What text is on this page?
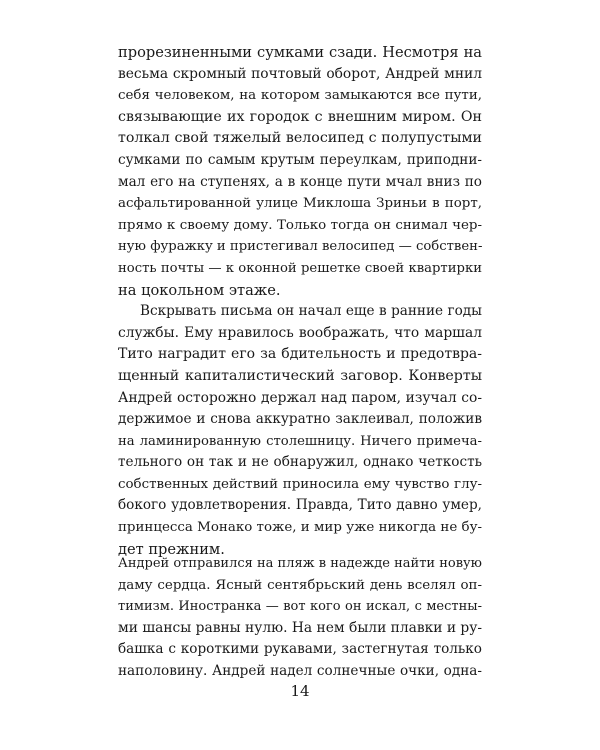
прорезиненными сумками сзади. Несмотря на
весьма скромный почтовый оборот, Андрей мнил
себя человеком, на котором замыкаются все пути,
связывающие их городок с внешним миром. Он
толкал свой тяжелый велосипед с полупустыми
сумками по самым крутым переулкам, приподни-
мал его на ступенях, а в конце пути мчал вниз по
асфальтированной улице Миклоша Зриньи в порт,
прямо к своему дому. Только тогда он снимал чер-
ную фуражку и пристегивал велосипед — собствен-
ность почты — к оконной решетке своей квартирки
на цокольном этаже.
Вскрывать письма он начал еще в ранние годы
службы. Ему нравилось воображать, что маршал
Тито наградит его за бдительность и предотвра-
щенный капиталистический заговор. Конверты
Андрей осторожно держал над паром, изучал со-
держимое и снова аккуратно заклеивал, положив
на ламинированную столешницу. Ничего примеча-
тельного он так и не обнаружил, однако четкость
собственных действий приносила ему чувство глу-
бокого удовлетворения. Правда, Тито давно умер,
принцесса Монако тоже, и мир уже никогда не бу-
дет прежним.
Андрей отправился на пляж в надежде найти новую
даму сердца. Ясный сентябрьский день вселял оп-
тимизм. Иностранка — вот кого он искал, с местны-
ми шансы равны нулю. На нем были плавки и ру-
башка с короткими рукавами, застегнутая только
наполовину. Андрей надел солнечные очки, одна-
14
